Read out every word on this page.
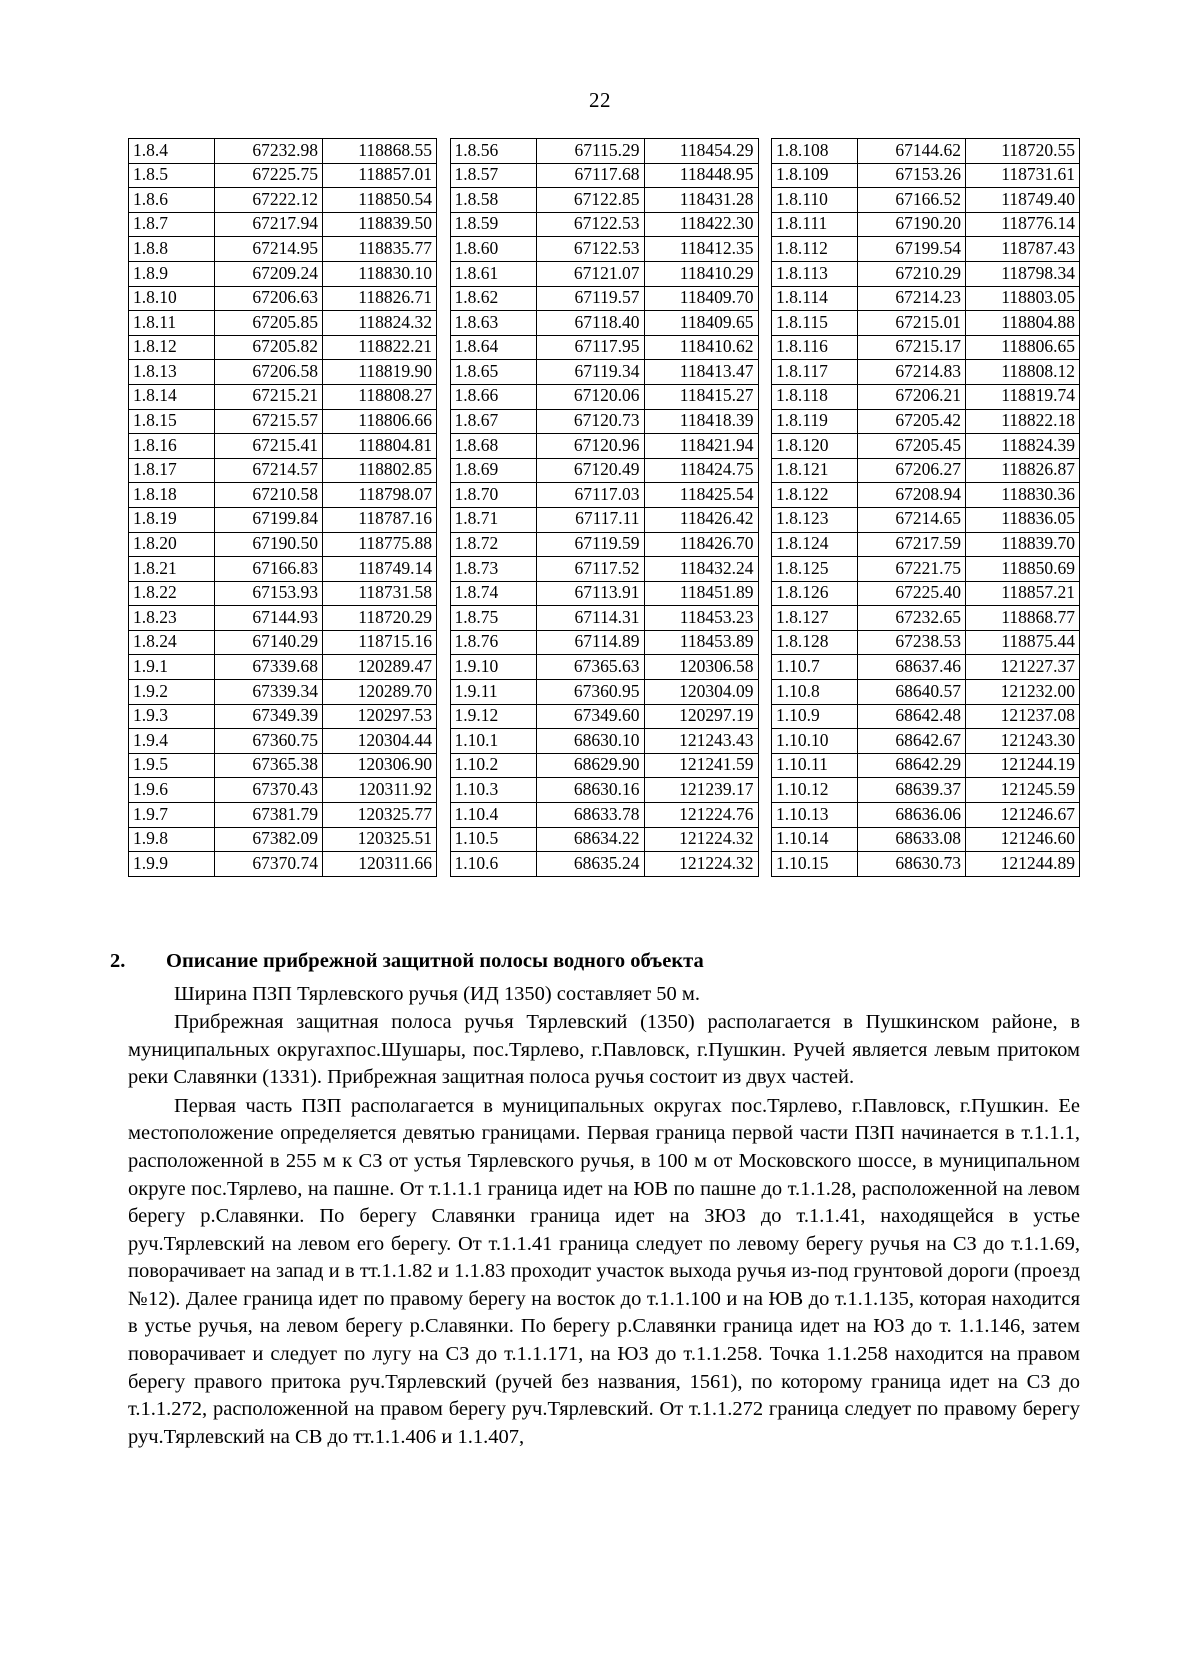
22
1.8.4	67232.98	118868.55
1.8.5	67225.75	118857.01
1.8.6	67222.12	118850.54
1.8.7	67217.94	118839.50
1.8.8	67214.95	118835.77
1.8.9	67209.24	118830.10
1.8.10	67206.63	118826.71
1.8.11	67205.85	118824.32
1.8.12	67205.82	118822.21
1.8.13	67206.58	118819.90
1.8.14	67215.21	118808.27
1.8.15	67215.57	118806.66
1.8.16	67215.41	118804.81
1.8.17	67214.57	118802.85
1.8.18	67210.58	118798.07
1.8.19	67199.84	118787.16
1.8.20	67190.50	118775.88
1.8.21	67166.83	118749.14
1.8.22	67153.93	118731.58
1.8.23	67144.93	118720.29
1.8.24	67140.29	118715.16
1.9.1	67339.68	120289.47
1.9.2	67339.34	120289.70
1.9.3	67349.39	120297.53
1.9.4	67360.75	120304.44
1.9.5	67365.38	120306.90
1.9.6	67370.43	120311.92
1.9.7	67381.79	120325.77
1.9.8	67382.09	120325.51
1.9.9	67370.74	120311.66
1.8.56	67115.29	118454.29
1.8.57	67117.68	118448.95
1.8.58	67122.85	118431.28
1.8.59	67122.53	118422.30
1.8.60	67122.53	118412.35
1.8.61	67121.07	118410.29
1.8.62	67119.57	118409.70
1.8.63	67118.40	118409.65
1.8.64	67117.95	118410.62
1.8.65	67119.34	118413.47
1.8.66	67120.06	118415.27
1.8.67	67120.73	118418.39
1.8.68	67120.96	118421.94
1.8.69	67120.49	118424.75
1.8.70	67117.03	118425.54
1.8.71	67117.11	118426.42
1.8.72	67119.59	118426.70
1.8.73	67117.52	118432.24
1.8.74	67113.91	118451.89
1.8.75	67114.31	118453.23
1.8.76	67114.89	118453.89
1.9.10	67365.63	120306.58
1.9.11	67360.95	120304.09
1.9.12	67349.60	120297.19
1.10.1	68630.10	121243.43
1.10.2	68629.90	121241.59
1.10.3	68630.16	121239.17
1.10.4	68633.78	121224.76
1.10.5	68634.22	121224.32
1.10.6	68635.24	121224.32
1.8.108	67144.62	118720.55
1.8.109	67153.26	118731.61
1.8.110	67166.52	118749.40
1.8.111	67190.20	118776.14
1.8.112	67199.54	118787.43
1.8.113	67210.29	118798.34
1.8.114	67214.23	118803.05
1.8.115	67215.01	118804.88
1.8.116	67215.17	118806.65
1.8.117	67214.83	118808.12
1.8.118	67206.21	118819.74
1.8.119	67205.42	118822.18
1.8.120	67205.45	118824.39
1.8.121	67206.27	118826.87
1.8.122	67208.94	118830.36
1.8.123	67214.65	118836.05
1.8.124	67217.59	118839.70
1.8.125	67221.75	118850.69
1.8.126	67225.40	118857.21
1.8.127	67232.65	118868.77
1.8.128	67238.53	118875.44
1.10.7	68637.46	121227.37
1.10.8	68640.57	121232.00
1.10.9	68642.48	121237.08
1.10.10	68642.67	121243.30
1.10.11	68642.29	121244.19
1.10.12	68639.37	121245.59
1.10.13	68636.06	121246.67
1.10.14	68633.08	121246.60
1.10.15	68630.73	121244.89
2. Описание прибрежной защитной полосы водного объекта

Ширина ПЗП Тярлевского ручья (ИД 1350) составляет 50 м.

Прибрежная защитная полоса ручья Тярлевский (1350) располагается в Пушкинском районе, в муниципальных округахпос.Шушары, пос.Тярлево, г.Павловск, г.Пушкин. Ручей является левым притоком реки Славянки (1331). Прибрежная защитная полоса ручья состоит из двух частей.

Первая часть ПЗП располагается в муниципальных округах пос.Тярлево, г.Павловск, г.Пушкин. Ее местоположение определяется девятью границами. Первая граница первой части ПЗП начинается в т.1.1.1, расположенной в 255 м к СЗ от устья Тярлевского ручья, в 100 м от Московского шоссе, в муниципальном округе пос.Тярлево, на пашне. От т.1.1.1 граница идет на ЮВ по пашне до т.1.1.28, расположенной на левом берегу р.Славянки. По берегу Славянки граница идет на ЗЮЗ до т.1.1.41, находящейся в устье руч.Тярлевский на левом его берегу. От т.1.1.41 граница следует по левому берегу ручья на СЗ до т.1.1.69, поворачивает на запад и в тт.1.1.82 и 1.1.83 проходит участок выхода ручья из-под грунтовой дороги (проезд №12). Далее граница идет по правому берегу на восток до т.1.1.100 и на ЮВ до т.1.1.135, которая находится в устье ручья, на левом берегу р.Славянки. По берегу р.Славянки граница идет на ЮЗ до т. 1.1.146, затем поворачивает и следует по лугу на СЗ до т.1.1.171, на ЮЗ до т.1.1.258. Точка 1.1.258 находится на правом берегу правого притока руч.Тярлевский (ручей без названия, 1561), по которому граница идет на СЗ до т.1.1.272, расположенной на правом берегу руч.Тярлевский. От т.1.1.272 граница следует по правому берегу руч.Тярлевский на СВ до тт.1.1.406 и 1.1.407,
